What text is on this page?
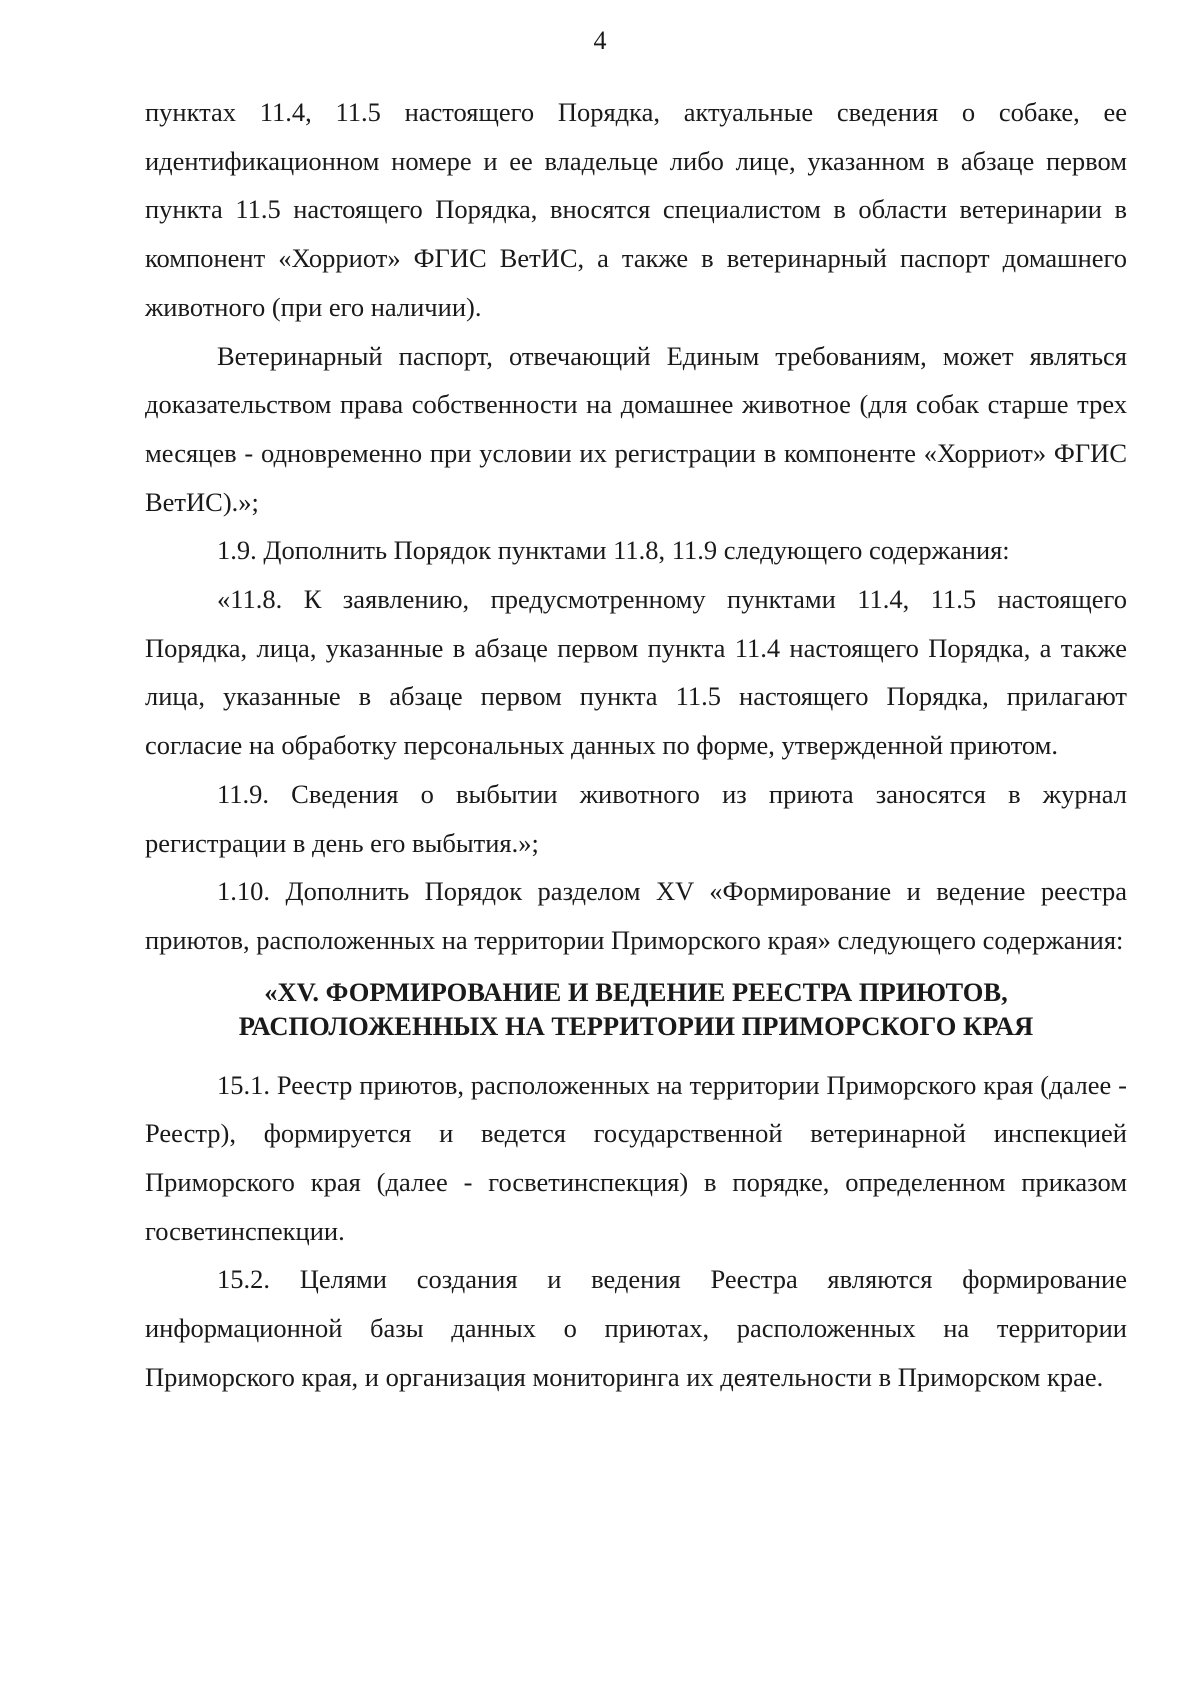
4

пунктах 11.4, 11.5 настоящего Порядка, актуальные сведения о собаке, ее идентификационном номере и ее владельце либо лице, указанном в абзаце первом пункта 11.5 настоящего Порядка, вносятся специалистом в области ветеринарии в компонент «Хорриот» ФГИС ВетИС, а также в ветеринарный паспорт домашнего животного (при его наличии).

Ветеринарный паспорт, отвечающий Единым требованиям, может являться доказательством права собственности на домашнее животное (для собак старше трех месяцев - одновременно при условии их регистрации в компоненте «Хорриот» ФГИС ВетИС).»;

1.9. Дополнить Порядок пунктами 11.8, 11.9 следующего содержания:

«11.8. К заявлению, предусмотренному пунктами 11.4, 11.5 настоящего Порядка, лица, указанные в абзаце первом пункта 11.4 настоящего Порядка, а также лица, указанные в абзаце первом пункта 11.5 настоящего Порядка, прилагают согласие на обработку персональных данных по форме, утвержденной приютом.

11.9. Сведения о выбытии животного из приюта заносятся в журнал регистрации в день его выбытия.»;

1.10. Дополнить Порядок разделом XV «Формирование и ведение реестра приютов, расположенных на территории Приморского края» следующего содержания:

«XV. ФОРМИРОВАНИЕ И ВЕДЕНИЕ РЕЕСТРА ПРИЮТОВ,
РАСПОЛОЖЕННЫХ НА ТЕРРИТОРИИ ПРИМОРСКОГО КРАЯ

15.1. Реестр приютов, расположенных на территории Приморского края (далее - Реестр), формируется и ведется государственной ветеринарной инспекцией Приморского края (далее - госветинспекция) в порядке, определенном приказом госветинспекции.

15.2. Целями создания и ведения Реестра являются формирование информационной базы данных о приютах, расположенных на территории Приморского края, и организация мониторинга их деятельности в Приморском крае.
